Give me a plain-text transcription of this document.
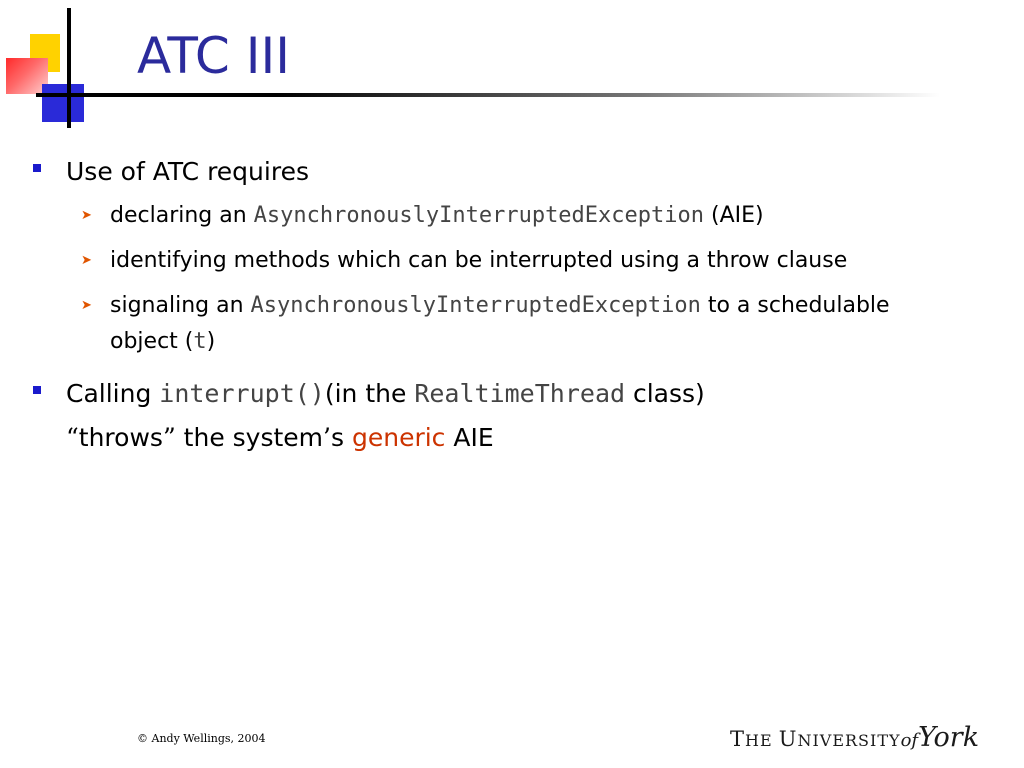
ATC III
Use of ATC requires
➤ declaring an AsynchronouslyInterruptedException (AIE)
➤ identifying methods which can be interrupted using a throw clause
➤ signaling an AsynchronouslyInterruptedException to a schedulable object (t)
Calling interrupt()(in the RealtimeThread class)
“throws” the system’s generic AIE
© Andy Wellings, 2004	THE UNIVERSITYofYork
